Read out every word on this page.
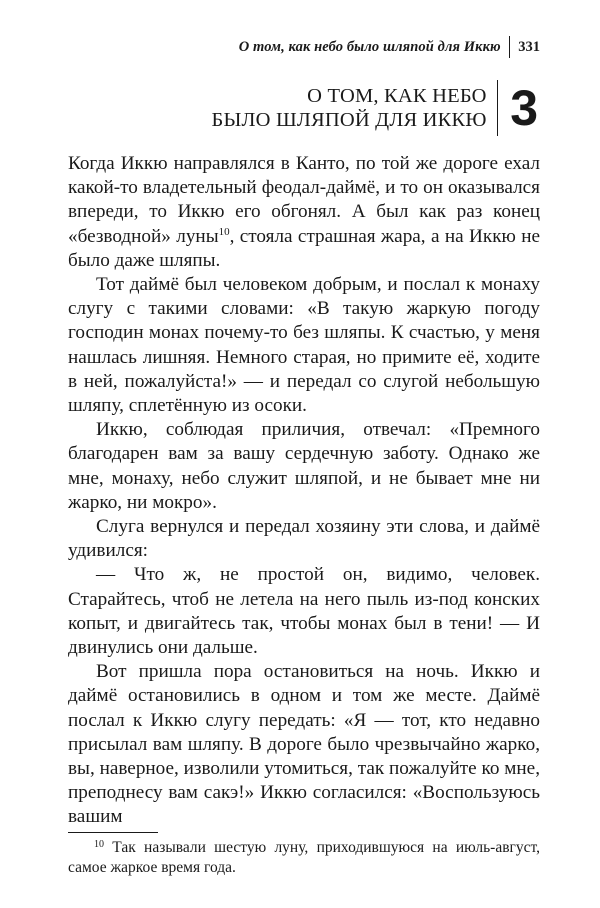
О том, как небо было шляпой для Иккю	331
О ТОМ, КАК НЕБО
БЫЛО ШЛЯПОЙ ДЛЯ ИККЮ 3

Когда Иккю направлялся в Канто, по той же дороге ехал какой-то владетельный феодал-даймё, и то он оказывался впереди, то Иккю его обгонял. А был как раз конец «безводной» луны$^{10}$, стояла страшная жара, а на Иккю не было даже шляпы.

Тот даймё был человеком добрым, и послал к монаху слугу с такими словами: «В такую жаркую погоду господин монах почему-то без шляпы. К счастью, у меня нашлась лишняя. Немного старая, но примите её, ходите в ней, пожалуйста!» — и передал со слугой небольшую шляпу, сплетённую из осоки.

Иккю, соблюдая приличия, отвечал: «Премного благодарен вам за вашу сердечную заботу. Однако же мне, монаху, небо служит шляпой, и не бывает мне ни жарко, ни мокро».

Слуга вернулся и передал хозяину эти слова, и даймё удивился:

— Что ж, не простой он, видимо, человек. Старайтесь, чтоб не летела на него пыль из-под конских копыт, и двигайтесь так, чтобы монах был в тени! — И двинулись они дальше.

Вот пришла пора остановиться на ночь. Иккю и даймё остановились в одном и том же месте. Даймё послал к Иккю слугу передать: «Я — тот, кто недавно присылал вам шляпу. В дороге было чрезвычайно жарко, вы, наверное, изволили утомиться, так пожалуйте ко мне, преподнесу вам сакэ!» Иккю согласился: «Воспользуюсь вашим

$^{10}$ Так называли шестую луну, приходившуюся на июль-август, самое жаркое время года.
